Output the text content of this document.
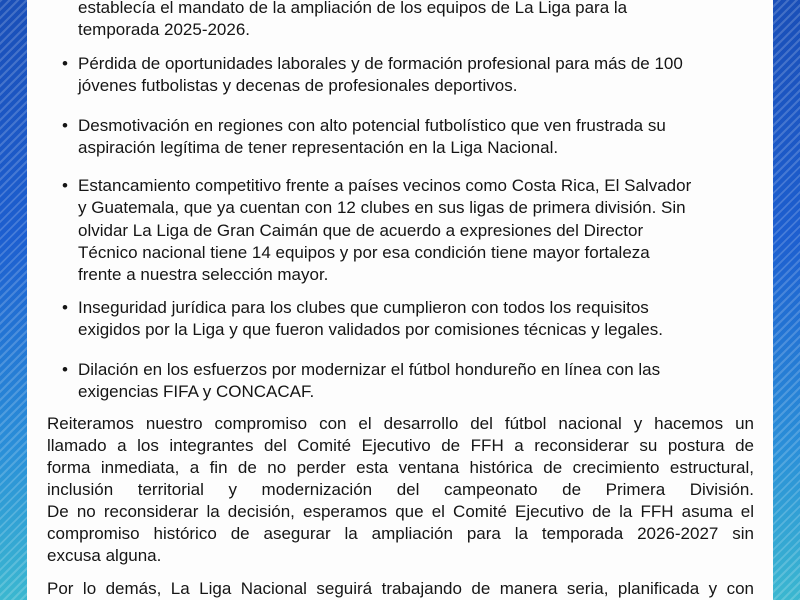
establecía el mandato de la ampliación de los equipos de La Liga para la
temporada 2025-2026.
• Pérdida de oportunidades laborales y de formación profesional para más de 100
jóvenes futbolistas y decenas de profesionales deportivos.
• Desmotivación en regiones con alto potencial futbolístico que ven frustrada su
aspiración legítima de tener representación en la Liga Nacional.
• Estancamiento competitivo frente a países vecinos como Costa Rica, El Salvador
y Guatemala, que ya cuentan con 12 clubes en sus ligas de primera división. Sin
olvidar La Liga de Gran Caimán que de acuerdo a expresiones del Director
Técnico nacional tiene 14 equipos y por esa condición tiene mayor fortaleza
frente a nuestra selección mayor.
• Inseguridad jurídica para los clubes que cumplieron con todos los requisitos
exigidos por la Liga y que fueron validados por comisiones técnicas y legales.
• Dilación en los esfuerzos por modernizar el fútbol hondureño en línea con las
exigencias FIFA y CONCACAF.
Reiteramos nuestro compromiso con el desarrollo del fútbol nacional y hacemos un
llamado a los integrantes del Comité Ejecutivo de FFH a reconsiderar su postura de
forma inmediata, a fin de no perder esta ventana histórica de crecimiento estructural,
inclusión territorial y modernización del campeonato de Primera División.
De no reconsiderar la decisión, esperamos que el Comité Ejecutivo de la FFH asuma el
compromiso histórico de asegurar la ampliación para la temporada 2026-2027 sin
excusa alguna.
Por lo demás, La Liga Nacional seguirá trabajando de manera seria, planificada y con
